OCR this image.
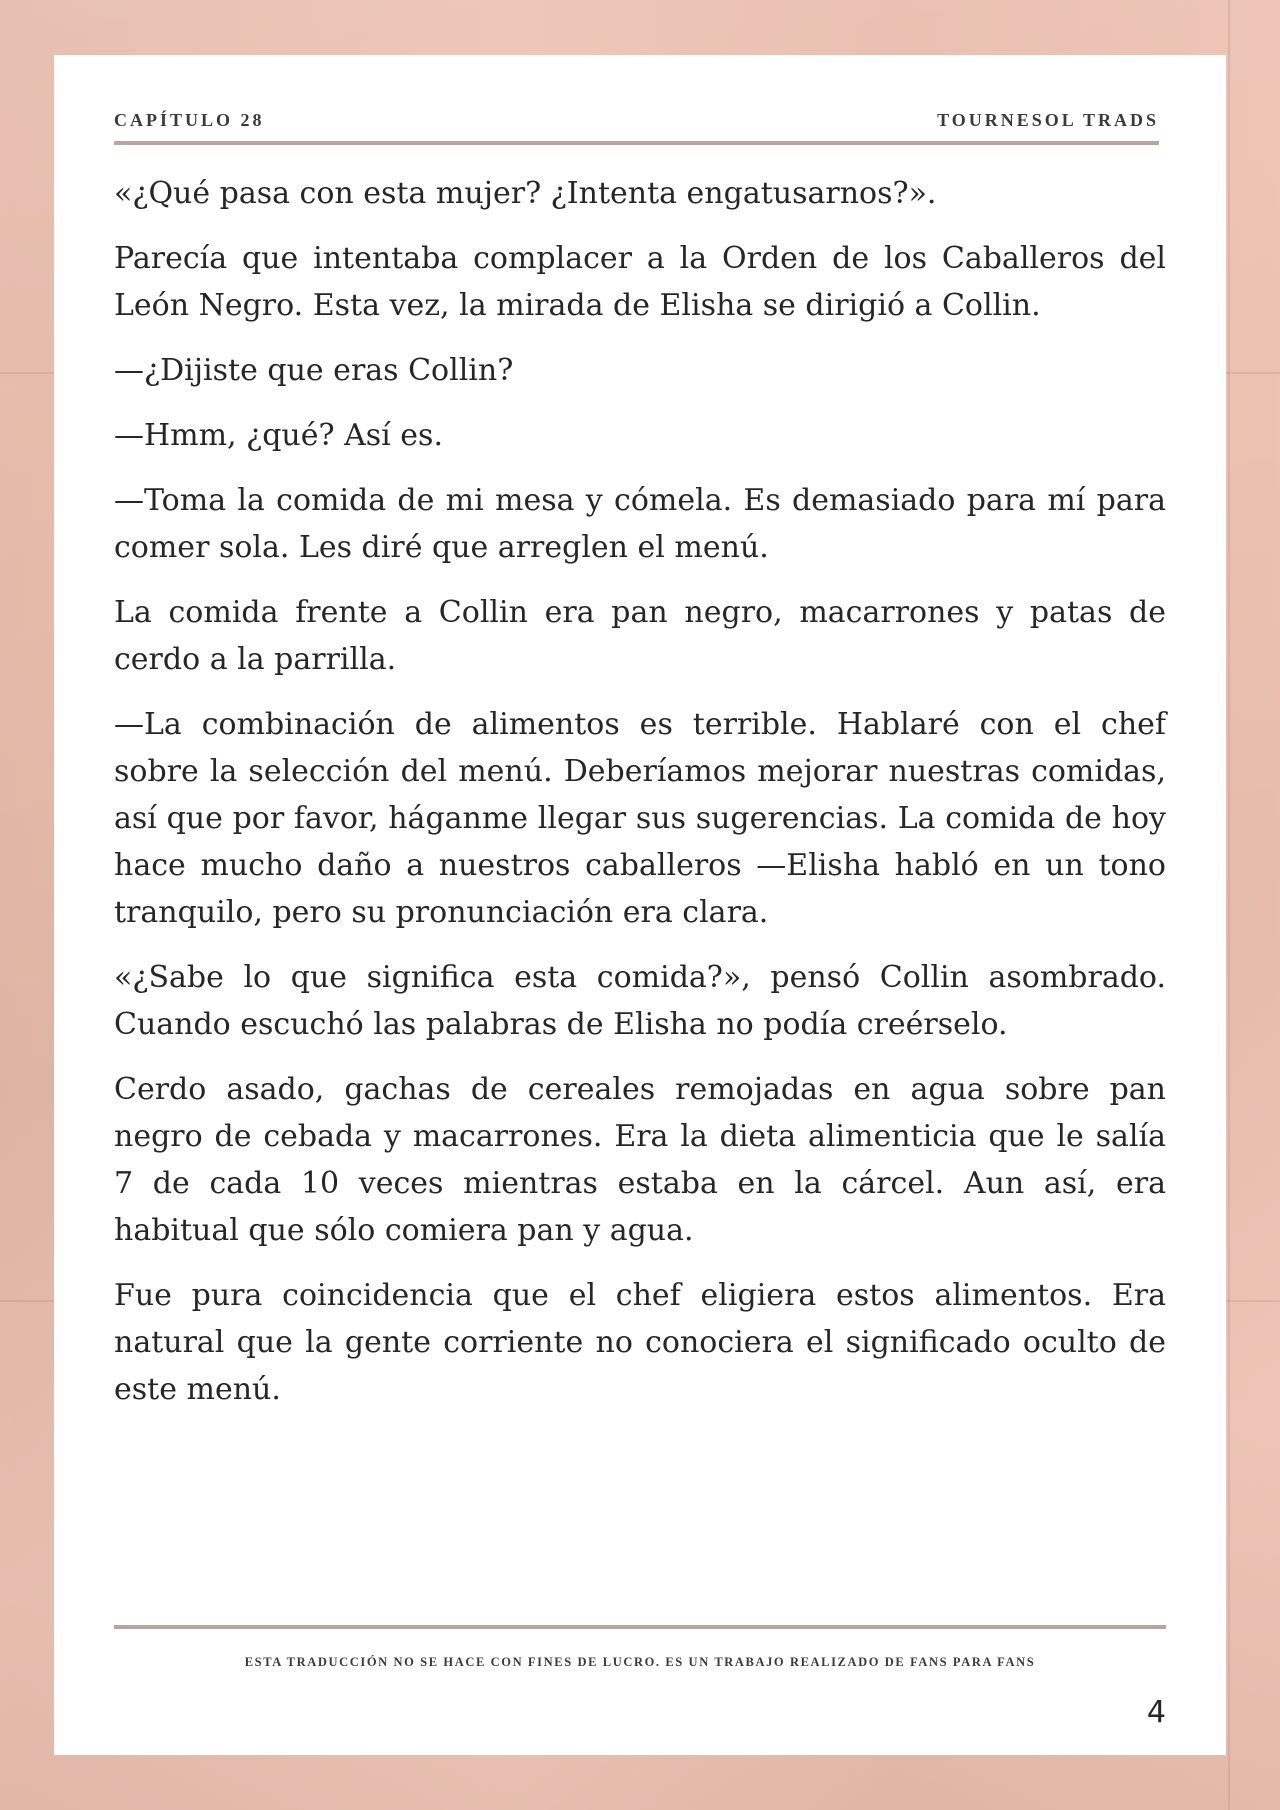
CAPÍTULO 28	TOURNESOL TRADS

«¿Qué pasa con esta mujer? ¿Intenta engatusarnos?».

Parecía que intentaba complacer a la Orden de los Caballeros del León Negro. Esta vez, la mirada de Elisha se dirigió a Collin.

—¿Dijiste que eras Collin?

—Hmm, ¿qué? Así es.

—Toma la comida de mi mesa y cómela. Es demasiado para mí para comer sola. Les diré que arreglen el menú.

La comida frente a Collin era pan negro, macarrones y patas de cerdo a la parrilla.

—La combinación de alimentos es terrible. Hablaré con el chef sobre la selección del menú. Deberíamos mejorar nuestras comidas, así que por favor, háganme llegar sus sugerencias. La comida de hoy hace mucho daño a nuestros caballeros —Elisha habló en un tono tranquilo, pero su pronunciación era clara.

«¿Sabe lo que significa esta comida?», pensó Collin asombrado. Cuando escuchó las palabras de Elisha no podía creérselo.

Cerdo asado, gachas de cereales remojadas en agua sobre pan negro de cebada y macarrones. Era la dieta alimenticia que le salía 7 de cada 10 veces mientras estaba en la cárcel. Aun así, era habitual que sólo comiera pan y agua.

Fue pura coincidencia que el chef eligiera estos alimentos. Era natural que la gente corriente no conociera el significado oculto de este menú.

ESTA TRADUCCIÓN NO SE HACE CON FINES DE LUCRO. ES UN TRABAJO REALIZADO DE FANS PARA FANS
4
